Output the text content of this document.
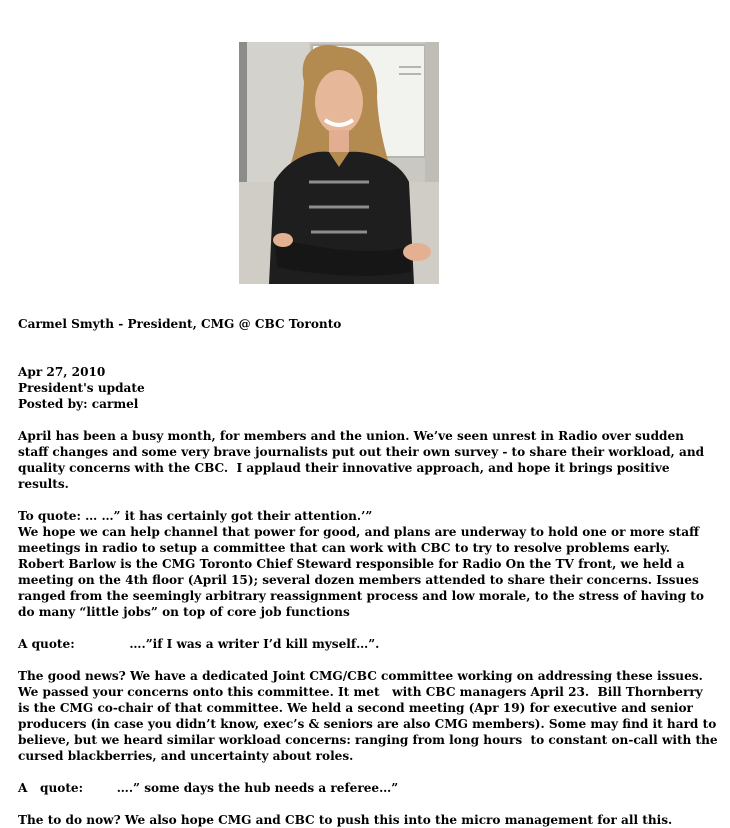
Carmel Smyth - President, CMG @ CBC Toronto

Apr 27, 2010

President's update

Posted by: carmel

April has been a busy month, for members and the union. We’ve seen unrest in Radio over sudden staff changes and some very brave journalists put out their own survey - to share their workload, and quality concerns with the CBC.  I applaud their innovative approach, and hope it brings positive results.

To quote: … …” it has certainly got their attention.’”

We hope we can help channel that power for good, and plans are underway to hold one or more staff meetings in radio to setup a committee that can work with CBC to try to resolve problems early. Robert Barlow is the CMG Toronto Chief Steward responsible for Radio On the TV front, we held a meeting on the 4th floor (April 15); several dozen members attended to share their concerns. Issues ranged from the seemingly arbitrary reassignment process and low morale, to the stress of having to do many “little jobs” on top of core job functions

A quote:             ….”if I was a writer I’d kill myself…”.

The good news? We have a dedicated Joint CMG/CBC committee working on addressing these issues. We passed your concerns onto this committee. It met   with CBC managers April 23.  Bill Thornberry is the CMG co-chair of that committee. We held a second meeting (Apr 19) for executive and senior producers (in case you didn’t know, exec’s & seniors are also CMG members). Some may find it hard to believe, but we heard similar workload concerns: ranging from long hours  to constant on-call with the cursed blackberries, and uncertainty about roles.

A   quote:        ….” some days the hub needs a referee…”

The to do now? We also hope CMG and CBC to push this into the micro management for all this.
